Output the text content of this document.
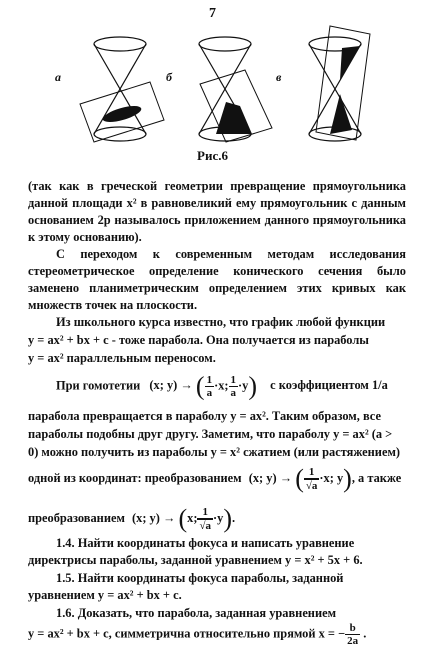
7
а	б	в
Рис.6
(так как в греческой геометрии превращение прямоугольника данной площади x² в равновеликий ему прямоугольник с данным основанием 2p называлось приложением данного прямоугольника к этому основанию).
С переходом к современным методам исследования стереометрическое определение конического сечения было заменено планиметрическим определением этих кривых как множеств точек на плоскости.
Из школьного курса известно, что график любой функции
y = ax² + bx + c - тоже парабола. Она получается из параболы
y = ax² параллельным переносом.
При гомотетии (x; y) → ( $\frac{1}{a} \cdot x$; $\frac{1}{a} \cdot y$) с коэффициентом 1/a
парабола превращается в параболу y = ax². Таким образом, все
параболы подобны друг другу. Заметим, что параболу y = ax² (a >
0) можно получить из параболы y = x² сжатием (или растяжением)
одной из координат: преобразованием (x; y) → ( $\frac{1}{√a} \cdot x$; y), а также
преобразованием (x; y) → (x; $\frac{1}{√a} \cdot y$).
1.4. Найти координаты фокуса и написать уравнение
директрисы параболы, заданной уравнением y = x² + 5x + 6.
1.5. Найти координаты фокуса параболы, заданной
уравнением y = ax² + bx + c.
1.6. Доказать, что парабола, заданная уравнением
y = ax² + bx + c, симметрична относительно прямой x = − $\frac{b}{2a}$ .
